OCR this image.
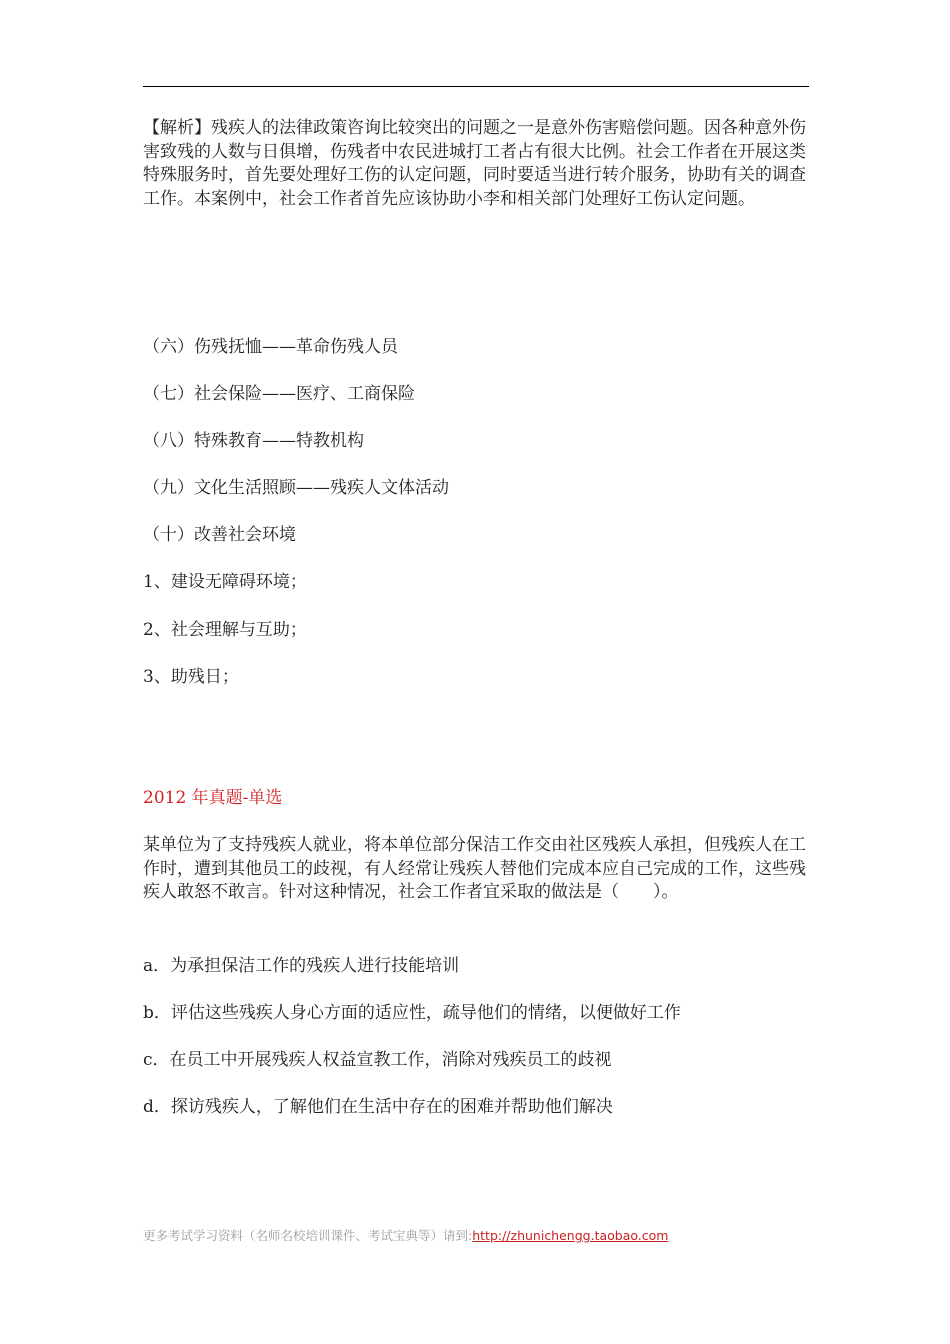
【解析】残疾人的法律政策咨询比较突出的问题之一是意外伤害赔偿问题。因各种意外伤害致残的人数与日俱增，伤残者中农民进城打工者占有很大比例。社会工作者在开展这类特殊服务时，首先要处理好工伤的认定问题，同时要适当进行转介服务，协助有关的调查工作。本案例中，社会工作者首先应该协助小李和相关部门处理好工伤认定问题。

（六）伤残抚恤——革命伤残人员

（七）社会保险——医疗、工商保险

（八）特殊教育——特教机构

（九）文化生活照顾——残疾人文体活动

（十）改善社会环境

1、建设无障碍环境；

2、社会理解与互助；

3、助残日；

2012 年真题-单选

某单位为了支持残疾人就业，将本单位部分保洁工作交由社区残疾人承担，但残疾人在工作时，遭到其他员工的歧视，有人经常让残疾人替他们完成本应自己完成的工作，这些残疾人敢怒不敢言。针对这种情况，社会工作者宜采取的做法是（　　）。

a．为承担保洁工作的残疾人进行技能培训

b．评估这些残疾人身心方面的适应性，疏导他们的情绪，以便做好工作

c．在员工中开展残疾人权益宣教工作，消除对残疾员工的歧视

d．探访残疾人，了解他们在生活中存在的困难并帮助他们解决

更多考试学习资料（名师名校培训课件、考试宝典等）请到:http://zhunichengg.taobao.com
